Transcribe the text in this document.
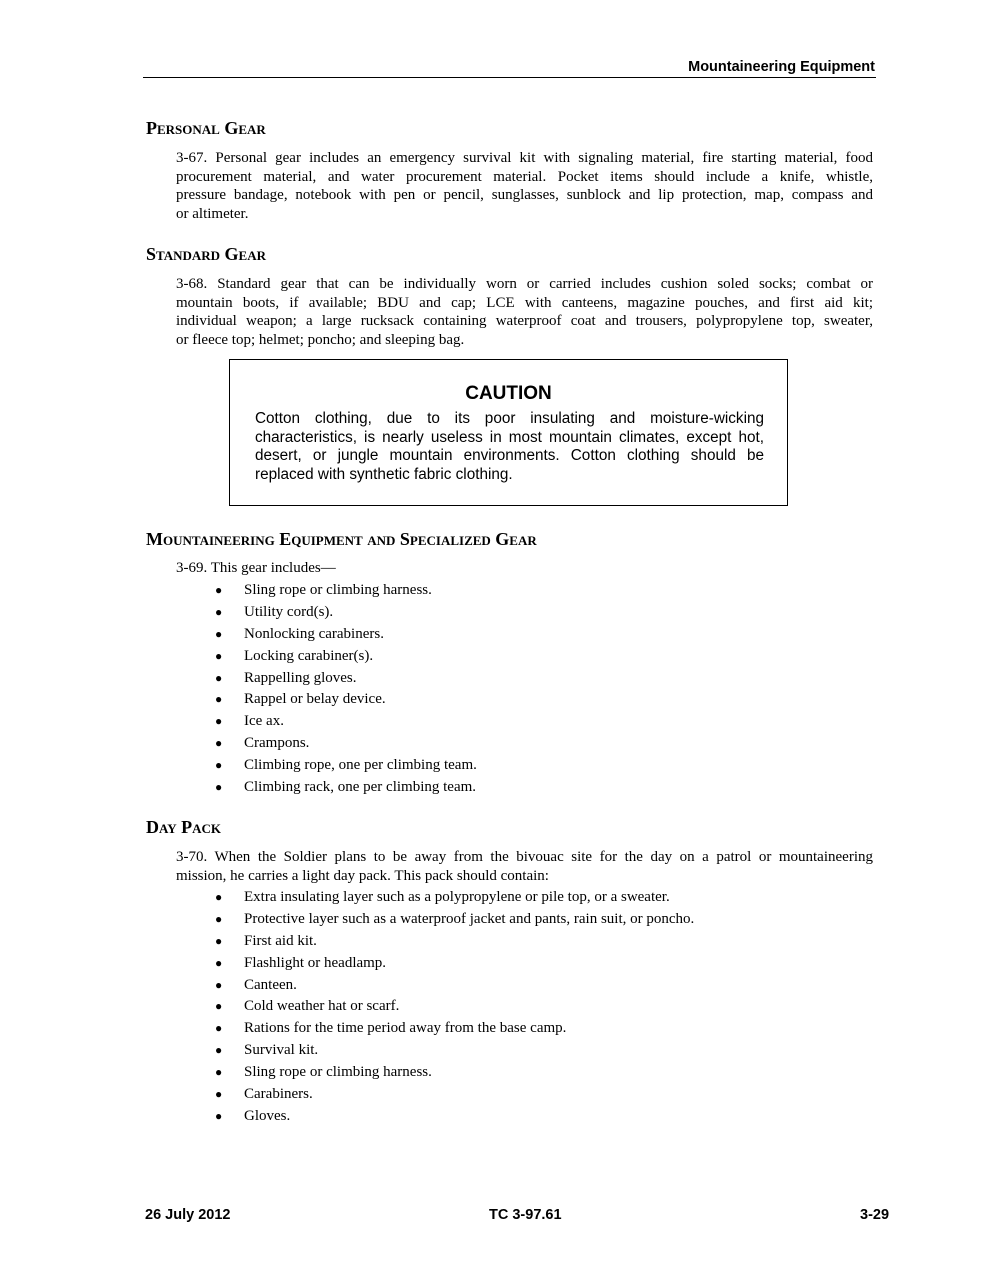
Mountaineering Equipment
Personal Gear
3-67. Personal gear includes an emergency survival kit with signaling material, fire starting material, food
procurement material, and water procurement material. Pocket items should include a knife, whistle,
pressure bandage, notebook with pen or pencil, sunglasses, sunblock and lip protection, map, compass and
or altimeter.
Standard Gear
3-68. Standard gear that can be individually worn or carried includes cushion soled socks; combat or
mountain boots, if available; BDU and cap; LCE with canteens, magazine pouches, and first aid kit;
individual weapon; a large rucksack containing waterproof coat and trousers, polypropylene top, sweater,
or fleece top; helmet; poncho; and sleeping bag.
CAUTION
Cotton clothing, due to its poor insulating and moisture-wicking characteristics, is nearly useless in most mountain climates, except hot, desert, or jungle mountain environments. Cotton clothing should be replaced with synthetic fabric clothing.
Mountaineering Equipment and Specialized Gear
3-69. This gear includes—
● Sling rope or climbing harness.
● Utility cord(s).
● Nonlocking carabiners.
● Locking carabiner(s).
● Rappelling gloves.
● Rappel or belay device.
● Ice ax.
● Crampons.
● Climbing rope, one per climbing team.
● Climbing rack, one per climbing team.
Day Pack
3-70. When the Soldier plans to be away from the bivouac site for the day on a patrol or mountaineering
mission, he carries a light day pack. This pack should contain:
● Extra insulating layer such as a polypropylene or pile top, or a sweater.
● Protective layer such as a waterproof jacket and pants, rain suit, or poncho.
● First aid kit.
● Flashlight or headlamp.
● Canteen.
● Cold weather hat or scarf.
● Rations for the time period away from the base camp.
● Survival kit.
● Sling rope or climbing harness.
● Carabiners.
● Gloves.
26 July 2012	TC 3-97.61	3-29
